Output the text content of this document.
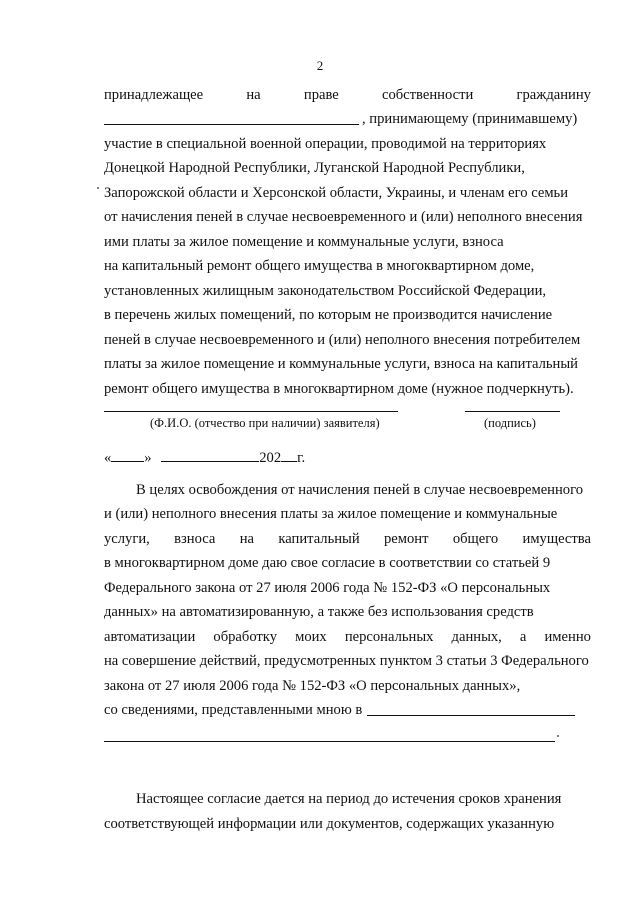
2
принадлежащее	на	праве	собственности	гражданину
, принимающему (принимавшему)
участие в специальной военной операции, проводимой на территориях
Донецкой Народной Республики, Луганской Народной Республики,
Запорожской области и Херсонской области, Украины, и членам его семьи
от начисления пеней в случае несвоевременного и (или) неполного внесения
ими платы за жилое помещение и коммунальные услуги, взноса
на капитальный ремонт общего имущества в многоквартирном доме,
установленных жилищным законодательством Российской Федерации,
в перечень жилых помещений, по которым не производится начисление
пеней в случае несвоевременного и (или) неполного внесения потребителем
платы за жилое помещение и коммунальные услуги, взноса на капитальный
ремонт общего имущества в многоквартирном доме (нужное подчеркнуть).
(Ф.И.О. (отчество при наличии) заявителя)	(подпись)
« »	202 г.
В целях освобождения от начисления пеней в случае несвоевременного
и (или) неполного внесения платы за жилое помещение и коммунальные
услуги, взноса на капитальный ремонт общего имущества
в многоквартирном доме даю свое согласие в соответствии со статьей 9
Федерального закона от 27 июля 2006 года № 152-ФЗ «О персональных
данных» на автоматизированную, а также без использования средств
автоматизации обработку моих персональных данных, а именно
на совершение действий, предусмотренных пунктом 3 статьи 3 Федерального
закона от 27 июля 2006 года № 152-ФЗ «О персональных данных»,
со сведениями, представленными мною в
Настоящее согласие дается на период до истечения сроков хранения
соответствующей информации или документов, содержащих указанную
